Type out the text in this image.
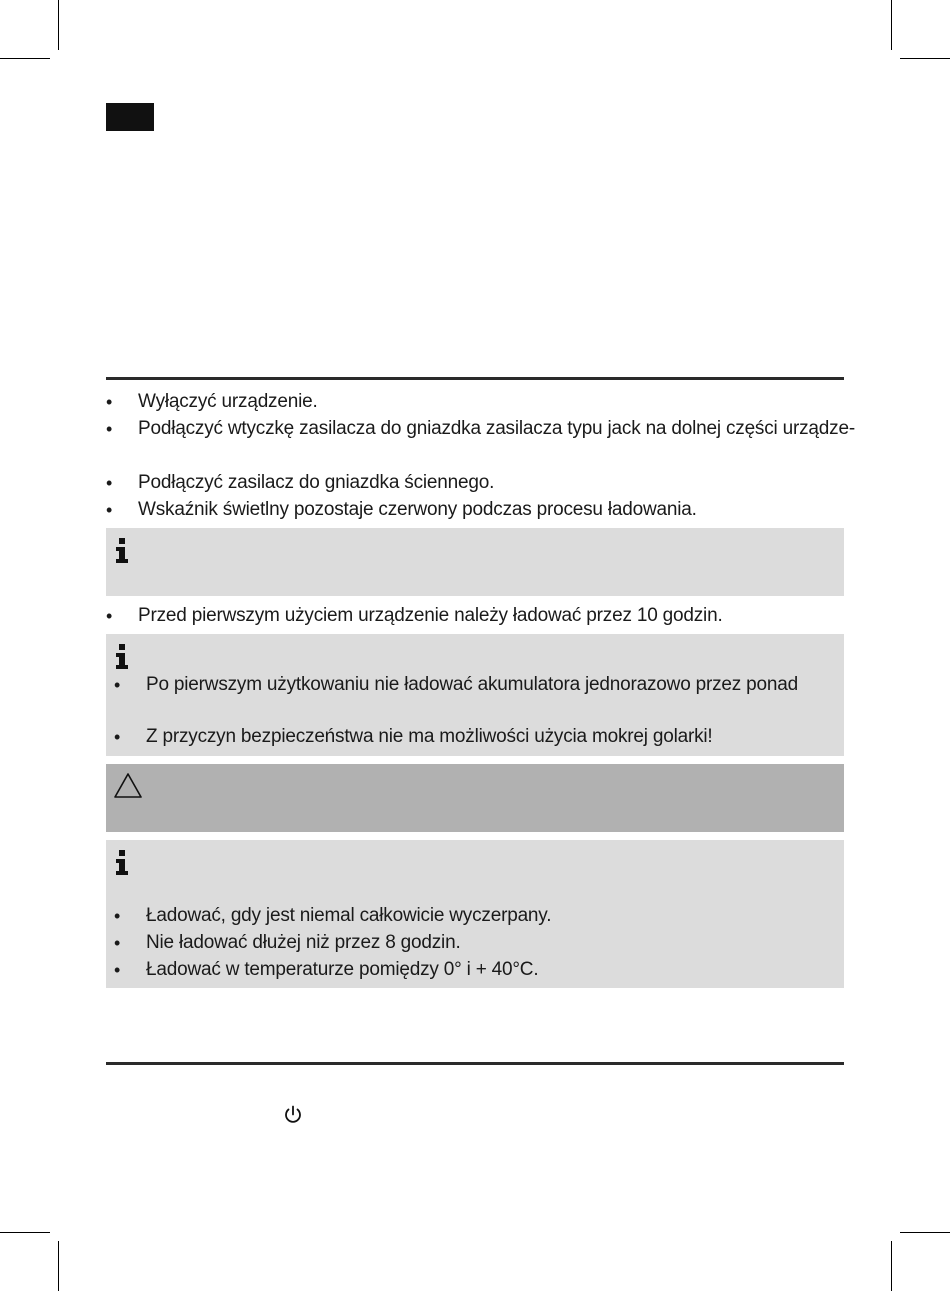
• Wyłączyć urządzenie.
• Podłączyć wtyczkę zasilacza do gniazdka zasilacza typu jack na dolnej części urządze-
• Podłączyć zasilacz do gniazdka ściennego.
• Wskaźnik świetlny pozostaje czerwony podczas procesu ładowania.
• Przed pierwszym użyciem urządzenie należy ładować przez 10 godzin.
• Po pierwszym użytkowaniu nie ładować akumulatora jednorazowo przez ponad
• Z przyczyn bezpieczeństwa nie ma możliwości użycia mokrej golarki!
• Ładować, gdy jest niemal całkowicie wyczerpany.
• Nie ładować dłużej niż przez 8 godzin.
• Ładować w temperaturze pomiędzy 0° i + 40°C.
